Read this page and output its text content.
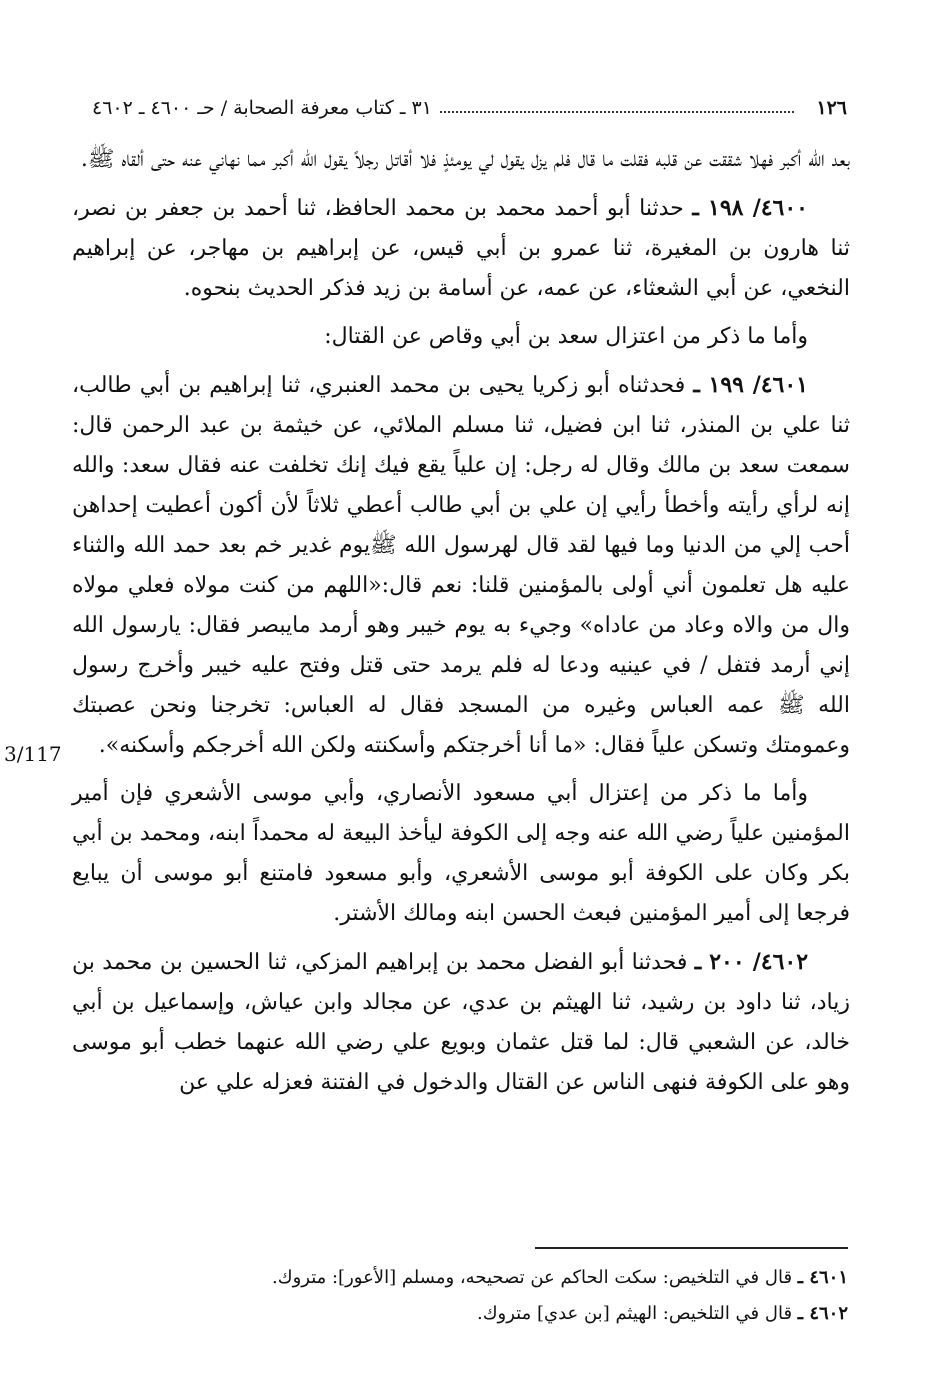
١٢٦
٣١ ـ كتاب معرفة الصحابة / حـ ٤٦٠٠ ـ ٤٦٠٢
3/117

بعد الله أكبر فهلا شققت عن قلبه فقلت ما قال فلم يزل يقول لي يومئذٍ فلا أقاتل رجلاً يقول الله أكبر مما نهاني عنه حتى ألقاه ﷺ.

٤٦٠٠/ ١٩٨ ـ حدثنا أبو أحمد محمد بن محمد الحافظ، ثنا أحمد بن جعفر بن نصر، ثنا هارون بن المغيرة، ثنا عمرو بن أبي قيس، عن إبراهيم بن مهاجر، عن إبراهيم النخعي، عن أبي الشعثاء، عن عمه، عن أسامة بن زيد فذكر الحديث بنحوه.

وأما ما ذكر من اعتزال سعد بن أبي وقاص عن القتال:

٤٦٠١/ ١٩٩ ـ فحدثناه أبو زكريا يحيى بن محمد العنبري، ثنا إبراهيم بن أبي طالب، ثنا علي بن المنذر، ثنا ابن فضيل، ثنا مسلم الملائي، عن خيثمة بن عبد الرحمن قال: سمعت سعد بن مالك وقال له رجل: إن علياً يقع فيك إنك تخلفت عنه فقال سعد: والله إنه لرأي رأيته وأخطأ رأيي إن علي بن أبي طالب أعطي ثلاثاً لأن أكون أعطيت إحداهن أحب إلي من الدنيا وما فيها لقد قال لهرسول الله ﷺيوم غدير خم بعد حمد الله والثناء عليه هل تعلمون أني أولى بالمؤمنين قلنا: نعم قال:«اللهم من كنت مولاه فعلي مولاه وال من والاه وعاد من عاداه» وجيء به يوم خيبر وهو أرمد مايبصر فقال: يارسول الله إني أرمد فتفل / في عينيه ودعا له فلم يرمد حتى قتل وفتح عليه خيبر وأخرج رسول الله ﷺ عمه العباس وغيره من المسجد فقال له العباس: تخرجنا ونحن عصبتك وعمومتك وتسكن علياً فقال: «ما أنا أخرجتكم وأسكنته ولكن الله أخرجكم وأسكنه».

وأما ما ذكر من إعتزال أبي مسعود الأنصاري، وأبي موسى الأشعري فإن أمير المؤمنين علياً رضي الله عنه وجه إلى الكوفة ليأخذ البيعة له محمداً ابنه، ومحمد بن أبي بكر وكان على الكوفة أبو موسى الأشعري، وأبو مسعود فامتنع أبو موسى أن يبايع فرجعا إلى أمير المؤمنين فبعث الحسن ابنه ومالك الأشتر.

٤٦٠٢/ ٢٠٠ ـ فحدثنا أبو الفضل محمد بن إبراهيم المزكي، ثنا الحسين بن محمد بن زياد، ثنا داود بن رشيد، ثنا الهيثم بن عدي، عن مجالد وابن عياش، وإسماعيل بن أبي خالد، عن الشعبي قال: لما قتل عثمان وبويع علي رضي الله عنهما خطب أبو موسى وهو على الكوفة فنهى الناس عن القتال والدخول في الفتنة فعزله علي عن

٤٦٠١ ـ قال في التلخيص: سكت الحاكم عن تصحيحه، ومسلم [الأعور]: متروك.

٤٦٠٢ ـ قال في التلخيص: الهيثم [بن عدي] متروك.
